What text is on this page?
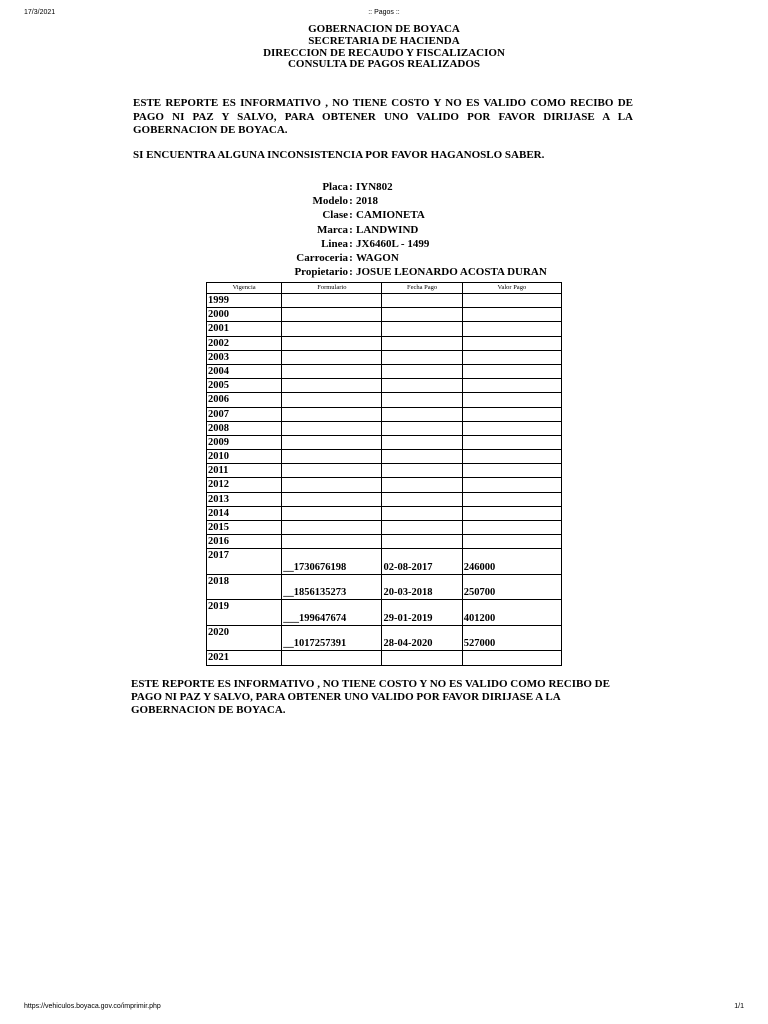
17/3/2021	:: Pagos ::
GOBERNACION DE BOYACA
SECRETARIA DE HACIENDA
DIRECCION DE RECAUDO Y FISCALIZACION
CONSULTA DE PAGOS REALIZADOS
ESTE REPORTE ES INFORMATIVO , NO TIENE COSTO Y NO ES VALIDO COMO RECIBO DE PAGO NI PAZ Y SALVO, PARA OBTENER UNO VALIDO POR FAVOR DIRIJASE A LA GOBERNACION DE BOYACA.
SI ENCUENTRA ALGUNA INCONSISTENCIA POR FAVOR HAGANOSLO SABER.
Placa : IYN802
Modelo : 2018
Clase : CAMIONETA
Marca : LANDWIND
Linea : JX6460L - 1499
Carroceria : WAGON
Propietario : JOSUE LEONARDO ACOSTA DURAN
Vigencia	Formulario	Fecha Pago	Valor Pago
1999			
2000			
2001			
2002			
2003			
2004			
2005			
2006			
2007			
2008			
2009			
2010			
2011			
2012			
2013			
2014			
2015			
2016			
2017	__1730676198	02-08-2017	246000
2018	__1856135273	20-03-2018	250700
2019	___199647674	29-01-2019	401200
2020	__1017257391	28-04-2020	527000
2021			
ESTE REPORTE ES INFORMATIVO , NO TIENE COSTO Y NO ES VALIDO COMO RECIBO DE
PAGO NI PAZ Y SALVO, PARA OBTENER UNO VALIDO POR FAVOR DIRIJASE A LA
GOBERNACION DE BOYACA.
https://vehiculos.boyaca.gov.co/imprimir.php	1/1
